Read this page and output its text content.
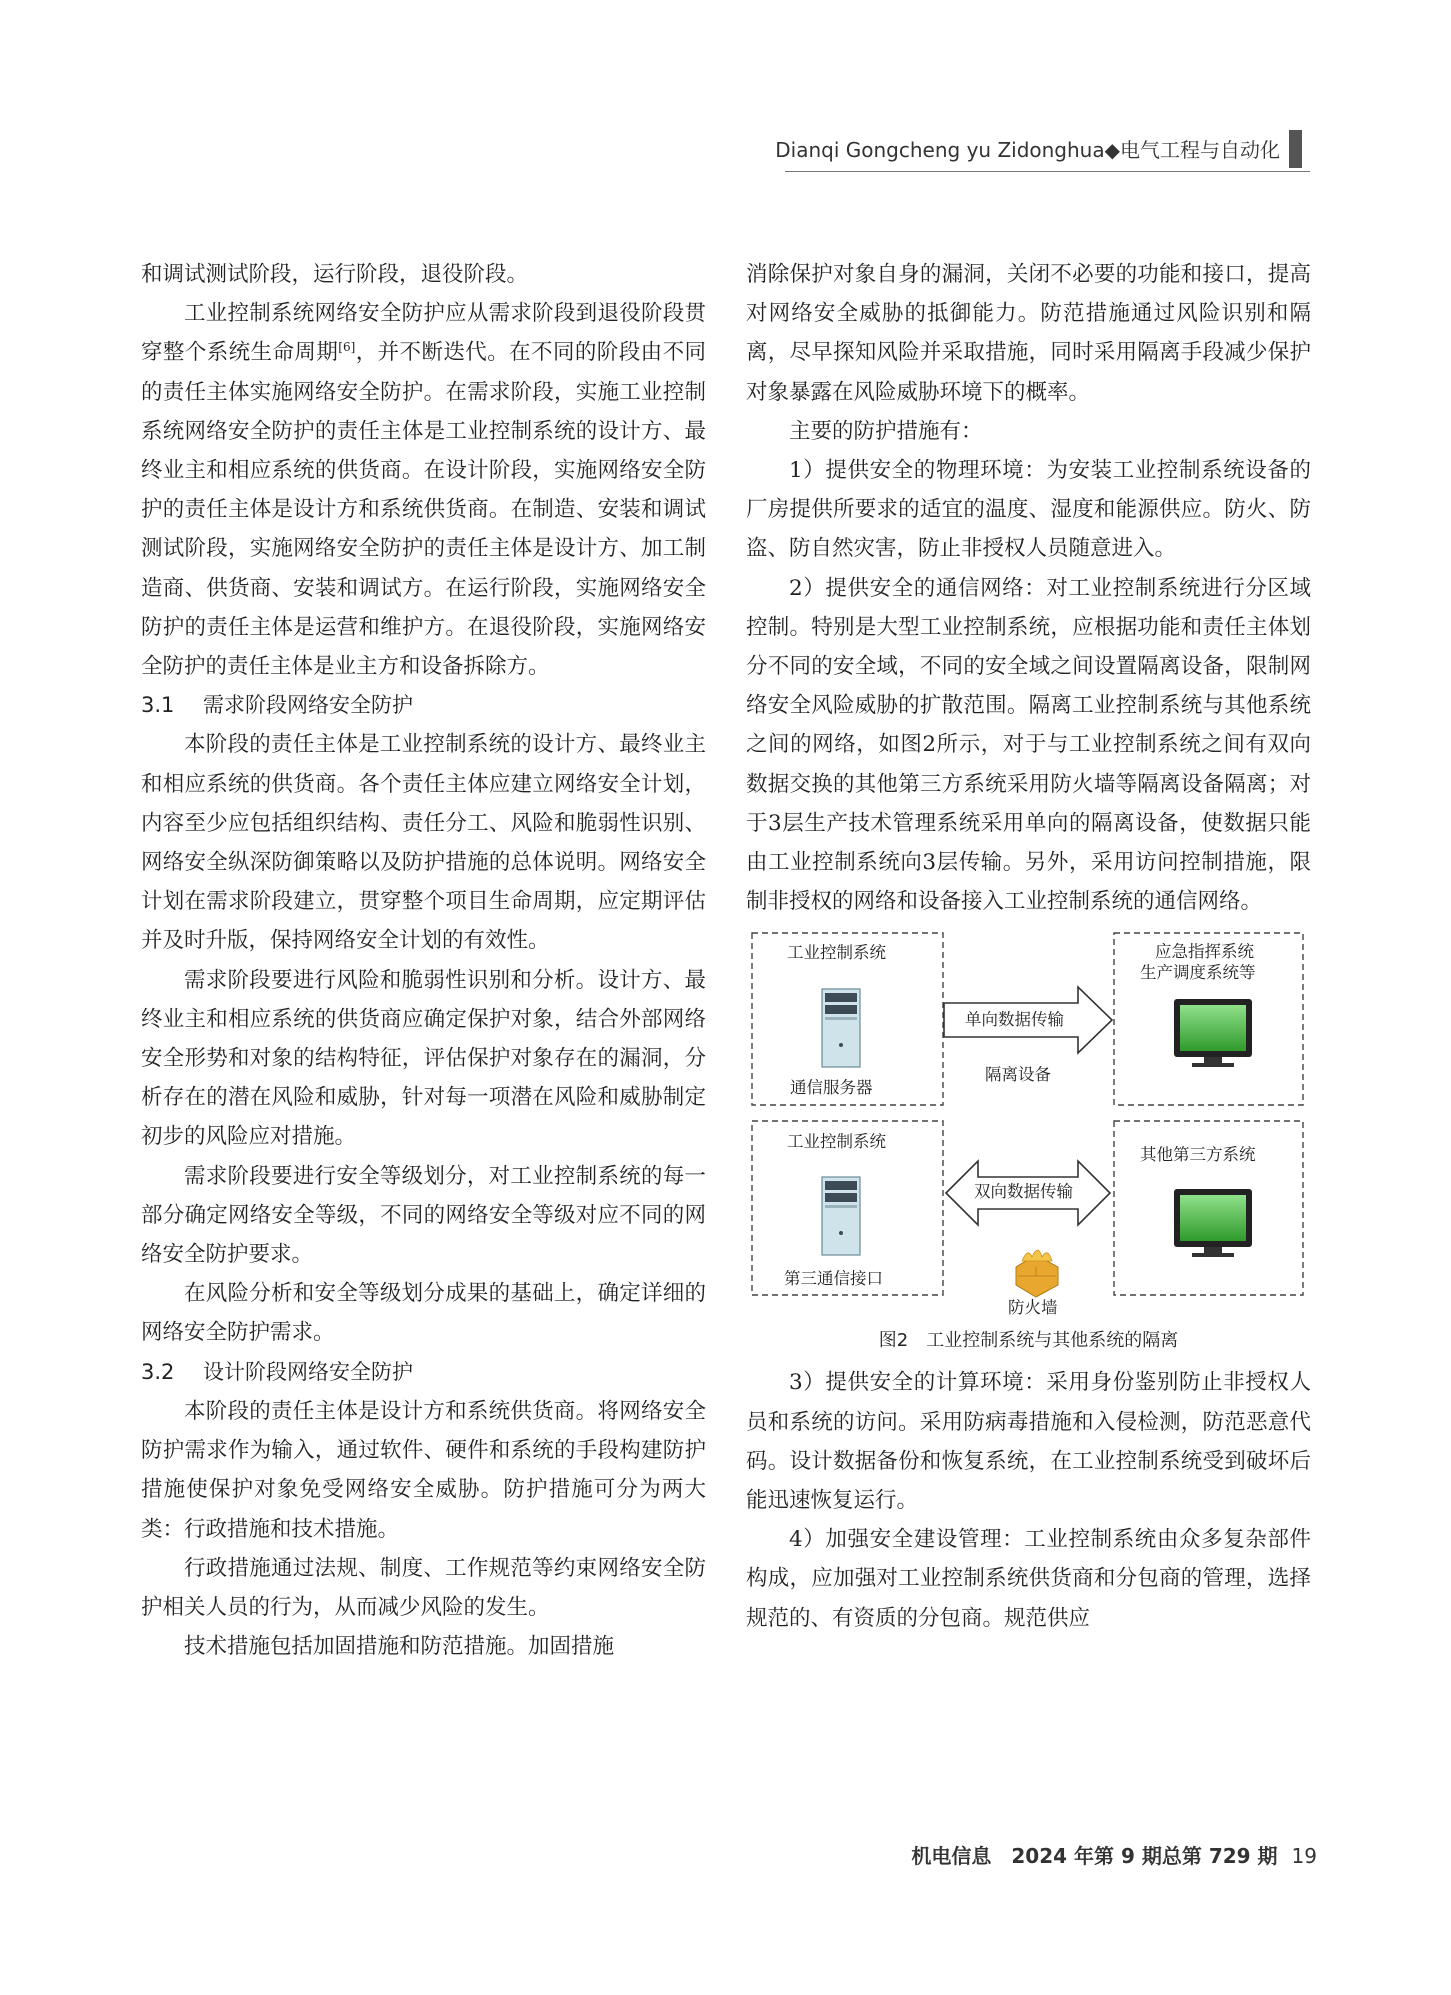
Dianqi Gongcheng yu Zidonghua◆电气工程与自动化

和调试测试阶段，运行阶段，退役阶段。

工业控制系统网络安全防护应从需求阶段到退役阶段贯穿整个系统生命周期[6]，并不断迭代。在不同的阶段由不同的责任主体实施网络安全防护。在需求阶段，实施工业控制系统网络安全防护的责任主体是工业控制系统的设计方、最终业主和相应系统的供货商。在设计阶段，实施网络安全防护的责任主体是设计方和系统供货商。在制造、安装和调试测试阶段，实施网络安全防护的责任主体是设计方、加工制造商、供货商、安装和调试方。在运行阶段，实施网络安全防护的责任主体是运营和维护方。在退役阶段，实施网络安全防护的责任主体是业主方和设备拆除方。

3.1 需求阶段网络安全防护

本阶段的责任主体是工业控制系统的设计方、最终业主和相应系统的供货商。各个责任主体应建立网络安全计划，内容至少应包括组织结构、责任分工、风险和脆弱性识别、网络安全纵深防御策略以及防护措施的总体说明。网络安全计划在需求阶段建立，贯穿整个项目生命周期，应定期评估并及时升版，保持网络安全计划的有效性。

需求阶段要进行风险和脆弱性识别和分析。设计方、最终业主和相应系统的供货商应确定保护对象，结合外部网络安全形势和对象的结构特征，评估保护对象存在的漏洞，分析存在的潜在风险和威胁，针对每一项潜在风险和威胁制定初步的风险应对措施。

需求阶段要进行安全等级划分，对工业控制系统的每一部分确定网络安全等级，不同的网络安全等级对应不同的网络安全防护要求。

在风险分析和安全等级划分成果的基础上，确定详细的网络安全防护需求。

3.2 设计阶段网络安全防护

本阶段的责任主体是设计方和系统供货商。将网络安全防护需求作为输入，通过软件、硬件和系统的手段构建防护措施使保护对象免受网络安全威胁。防护措施可分为两大类：行政措施和技术措施。

行政措施通过法规、制度、工作规范等约束网络安全防护相关人员的行为，从而减少风险的发生。

技术措施包括加固措施和防范措施。加固措施

消除保护对象自身的漏洞，关闭不必要的功能和接口，提高对网络安全威胁的抵御能力。防范措施通过风险识别和隔离，尽早探知风险并采取措施，同时采用隔离手段减少保护对象暴露在风险威胁环境下的概率。

主要的防护措施有：

1）提供安全的物理环境：为安装工业控制系统设备的厂房提供所要求的适宜的温度、湿度和能源供应。防火、防盗、防自然灾害，防止非授权人员随意进入。

2）提供安全的通信网络：对工业控制系统进行分区域控制。特别是大型工业控制系统，应根据功能和责任主体划分不同的安全域，不同的安全域之间设置隔离设备，限制网络安全风险威胁的扩散范围。隔离工业控制系统与其他系统之间的网络，如图2所示，对于与工业控制系统之间有双向数据交换的其他第三方系统采用防火墙等隔离设备隔离；对于3层生产技术管理系统采用单向的隔离设备，使数据只能由工业控制系统向3层传输。另外，采用访问控制措施，限制非授权的网络和设备接入工业控制系统的通信网络。

工业控制系统
通信服务器
应急指挥系统
生产调度系统等
单向数据传输
隔离设备
工业控制系统
第三通信接口
其他第三方系统
双向数据传输
防火墙

图2　工业控制系统与其他系统的隔离

3）提供安全的计算环境：采用身份鉴别防止非授权人员和系统的访问。采用防病毒措施和入侵检测，防范恶意代码。设计数据备份和恢复系统，在工业控制系统受到破坏后能迅速恢复运行。

4）加强安全建设管理：工业控制系统由众多复杂部件构成，应加强对工业控制系统供货商和分包商的管理，选择规范的、有资质的分包商。规范供应

机电信息　2024 年第 9 期总第 729 期 19
